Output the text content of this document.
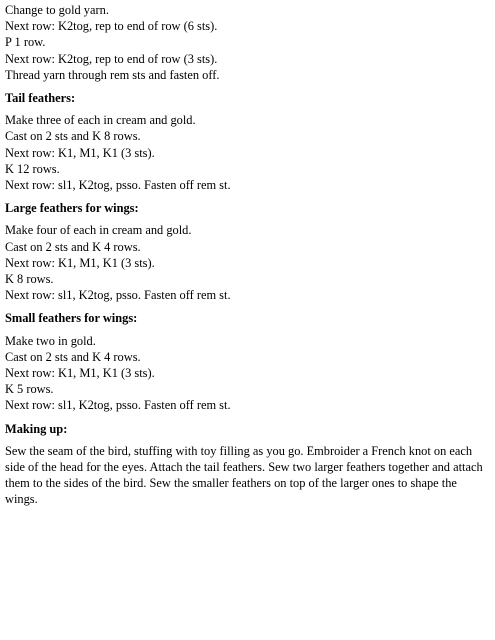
Change to gold yarn.

Next row: K2tog, rep to end of row (6 sts).

P 1 row.

Next row: K2tog, rep to end of row (3 sts).

Thread yarn through rem sts and fasten off.

Tail feathers:

Make three of each in cream and gold.

Cast on 2 sts and K 8 rows.

Next row: K1, M1, K1 (3 sts).

K 12 rows.

Next row: sl1, K2tog, psso. Fasten off rem st.

Large feathers for wings:

Make four of each in cream and gold.

Cast on 2 sts and K 4 rows.

Next row: K1, M1, K1 (3 sts).

K 8 rows.

Next row: sl1, K2tog, psso. Fasten off rem st.

Small feathers for wings:

Make two in gold.

Cast on 2 sts and K 4 rows.

Next row: K1, M1, K1 (3 sts).

K 5 rows.

Next row: sl1, K2tog, psso. Fasten off rem st.

Making up:

Sew the seam of the bird, stuffing with toy filling as you go. Embroider a French knot on each side of the head for the eyes. Attach the tail feathers. Sew two larger feathers together and attach them to the sides of the bird. Sew the smaller feathers on top of the larger ones to shape the wings.
